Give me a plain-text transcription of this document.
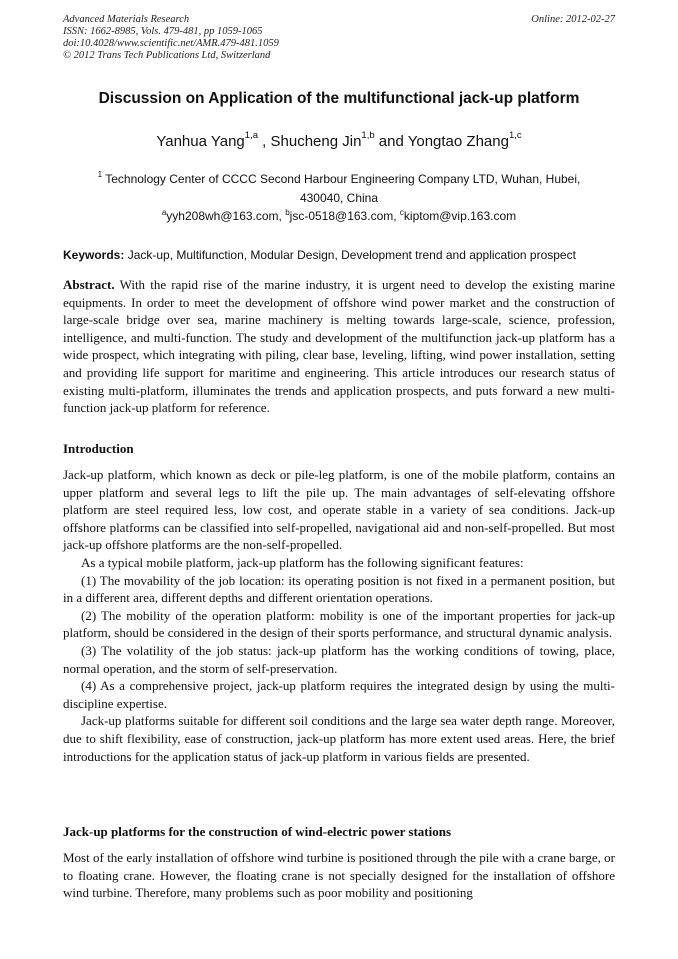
Advanced Materials Research
ISSN: 1662-8985, Vols. 479-481, pp 1059-1065
doi:10.4028/www.scientific.net/AMR.479-481.1059
© 2012 Trans Tech Publications Ltd, Switzerland
Online: 2012-02-27
Discussion on Application of the multifunctional jack-up platform
Yanhua Yang$^{1,a}$ , Shucheng Jin$^{1,b}$ and Yongtao Zhang$^{1,c}$
$^1$ Technology Center of CCCC Second Harbour Engineering Company LTD, Wuhan, Hubei, 430040, China
$^a$yyh208wh@163.com, $^b$jsc-0518@163.com, $^c$kiptom@vip.163.com
Keywords: Jack-up, Multifunction, Modular Design, Development trend and application prospect
Abstract. With the rapid rise of the marine industry, it is urgent need to develop the existing marine equipments. In order to meet the development of offshore wind power market and the construction of large-scale bridge over sea, marine machinery is melting towards large-scale, science, profession, intelligence, and multi-function. The study and development of the multifunction jack-up platform has a wide prospect, which integrating with piling, clear base, leveling, lifting, wind power installation, setting and providing life support for maritime and engineering. This article introduces our research status of existing multi-platform, illuminates the trends and application prospects, and puts forward a new multi-function jack-up platform for reference.
Introduction
Jack-up platform, which known as deck or pile-leg platform, is one of the mobile platform, contains an upper platform and several legs to lift the pile up. The main advantages of self-elevating offshore platform are steel required less, low cost, and operate stable in a variety of sea conditions. Jack-up offshore platforms can be classified into self-propelled, navigational aid and non-self-propelled. But most jack-up offshore platforms are the non-self-propelled.
As a typical mobile platform, jack-up platform has the following significant features:
(1) The movability of the job location: its operating position is not fixed in a permanent position, but in a different area, different depths and different orientation operations.
(2) The mobility of the operation platform: mobility is one of the important properties for jack-up platform, should be considered in the design of their sports performance, and structural dynamic analysis.
(3) The volatility of the job status: jack-up platform has the working conditions of towing, place, normal operation, and the storm of self-preservation.
(4) As a comprehensive project, jack-up platform requires the integrated design by using the multi-discipline expertise.
Jack-up platforms suitable for different soil conditions and the large sea water depth range. Moreover, due to shift flexibility, ease of construction, jack-up platform has more extent used areas. Here, the brief introductions for the application status of jack-up platform in various fields are presented.
Jack-up platforms for the construction of wind-electric power stations
Most of the early installation of offshore wind turbine is positioned through the pile with a crane barge, or to floating crane. However, the floating crane is not specially designed for the installation of offshore wind turbine. Therefore, many problems such as poor mobility and positioning
